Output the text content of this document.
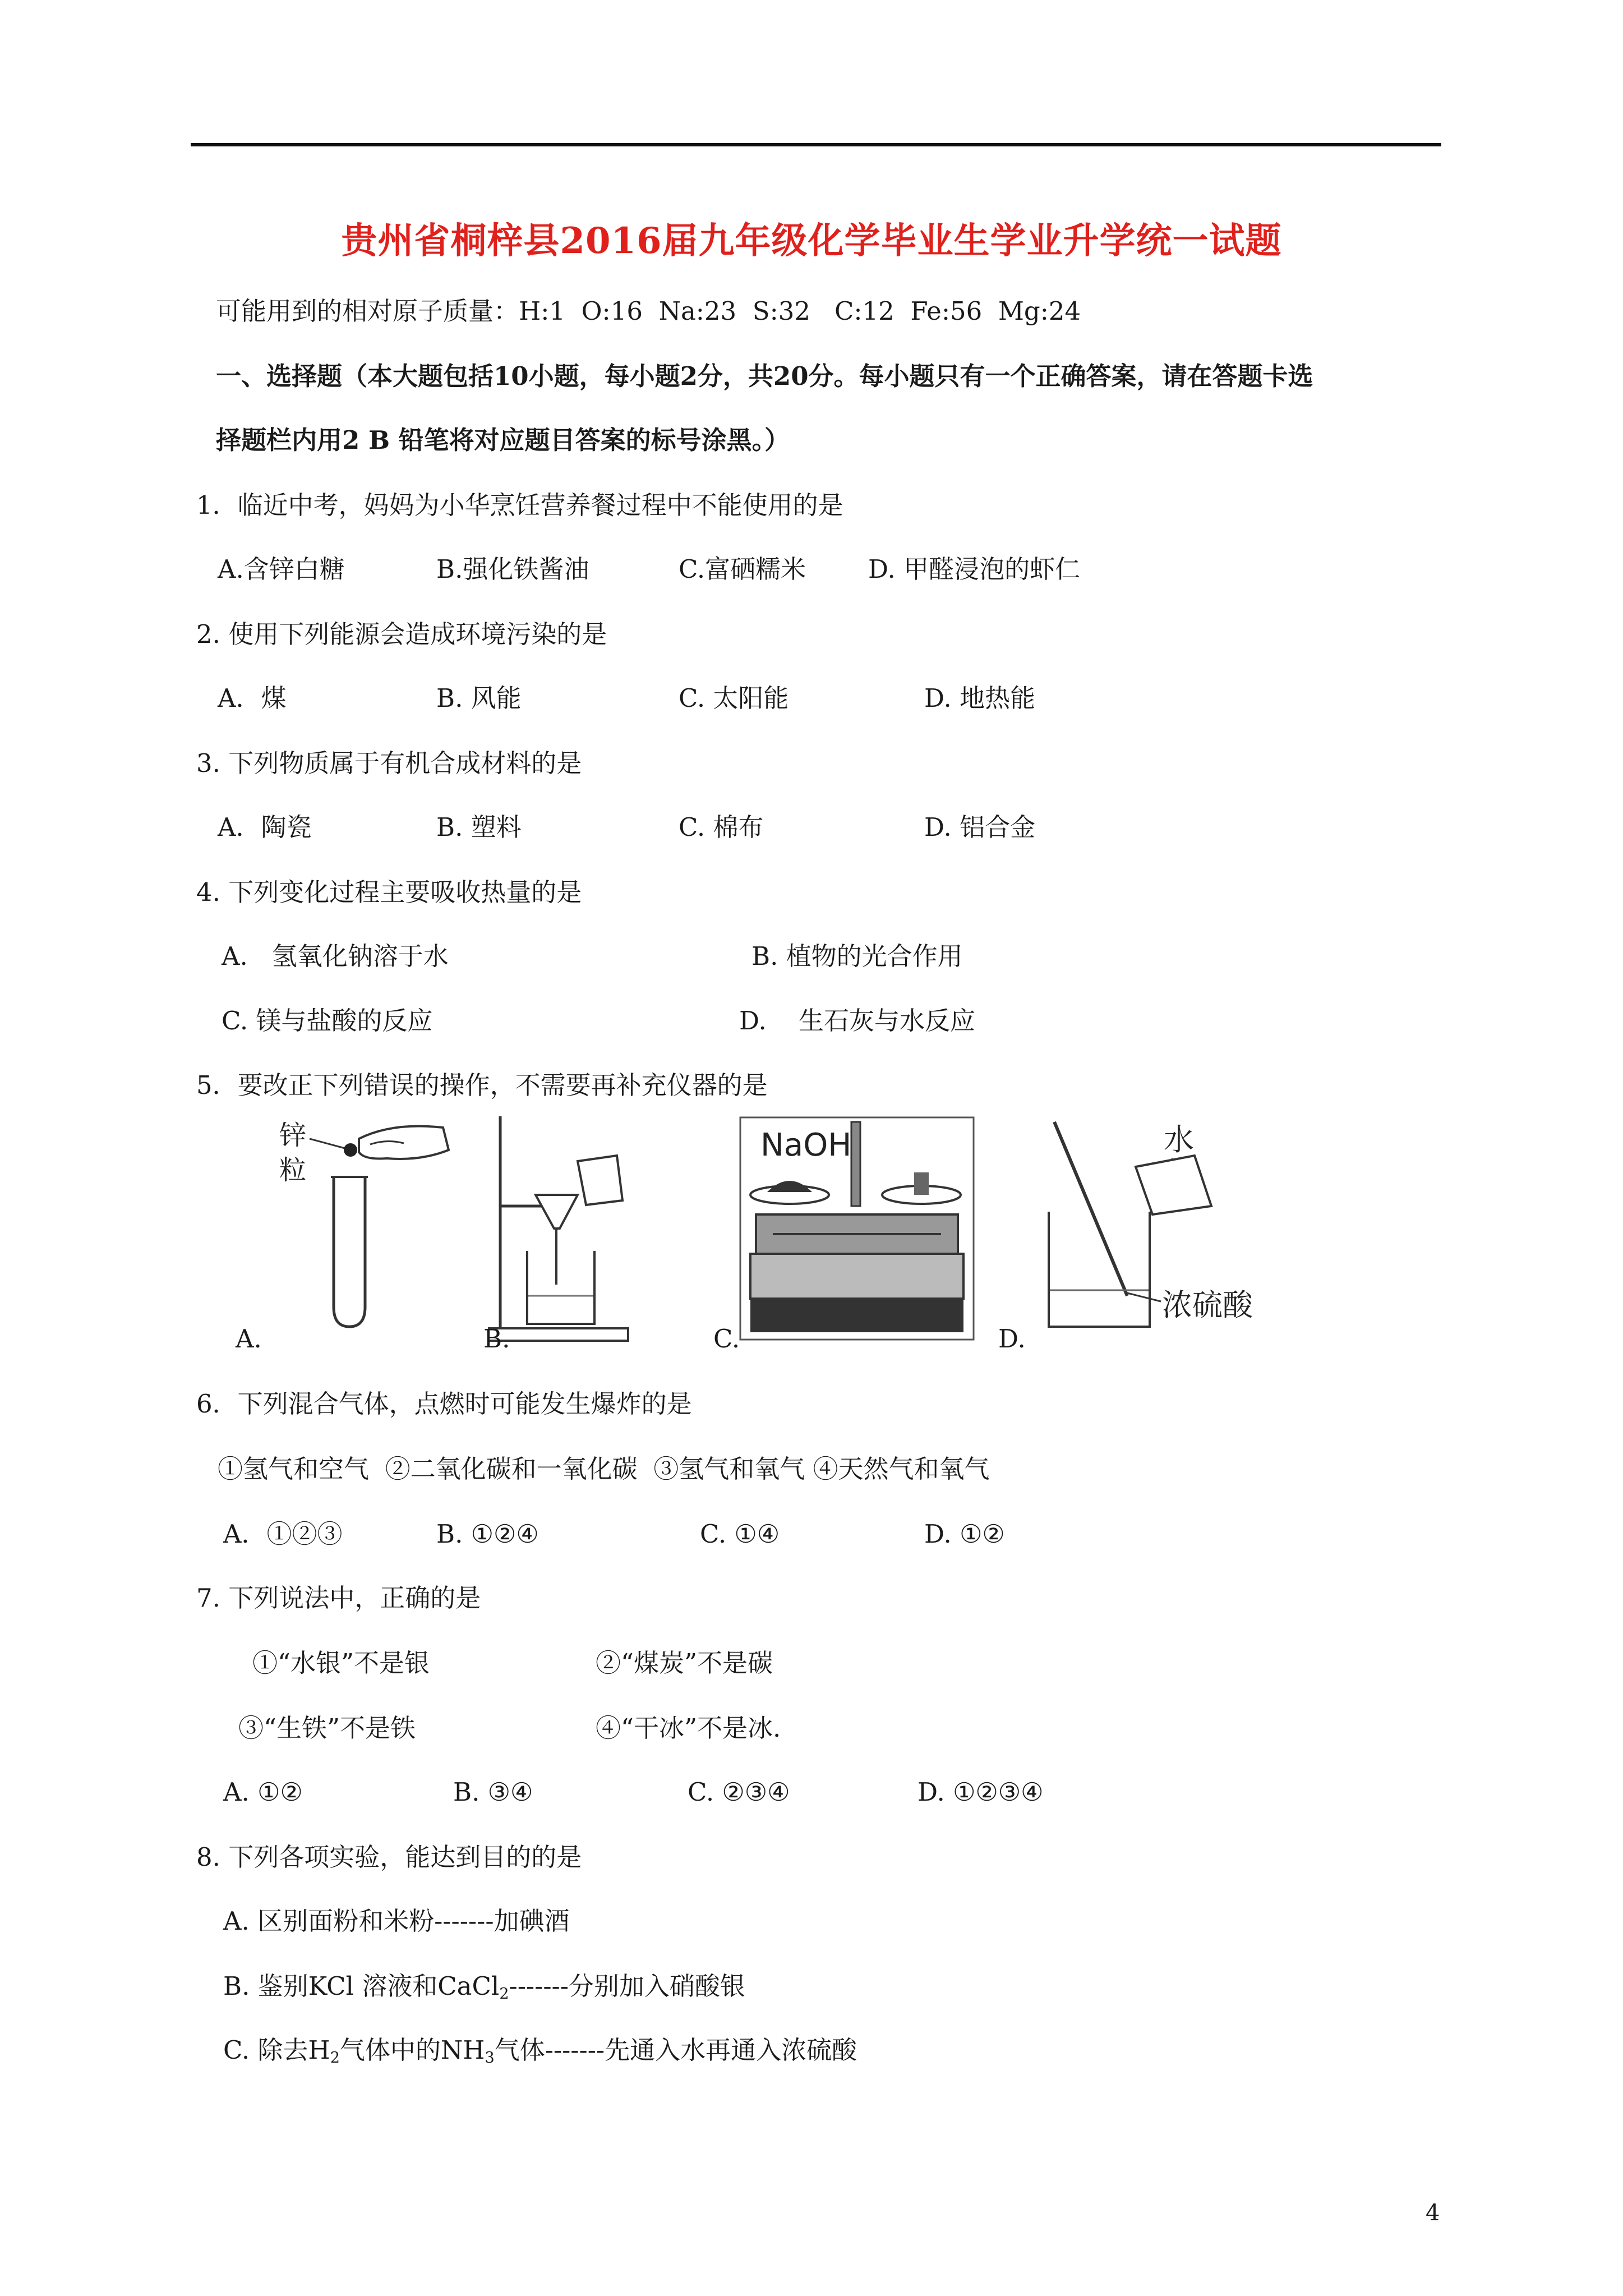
贵州省桐梓县2016届九年级化学毕业生学业升学统一试题
可能用到的相对原子质量：H:1  O:16  Na:23  S:32   C:12  Fe:56  Mg:24
一、选择题（本大题包括10小题，每小题2分，共20分。每小题只有一个正确答案，请在答题卡选
择题栏内用2 B 铅笔将对应题目答案的标号涂黑。）
1．临近中考，妈妈为小华烹饪营养餐过程中不能使用的是
A.含锌白糖	B.强化铁酱油	C.富硒糯米 D. 甲醛浸泡的虾仁
2. 使用下列能源会造成环境污染的是
A．煤	B. 风能	C. 太阳能	D. 地热能
3. 下列物质属于有机合成材料的是
A．陶瓷	B. 塑料	C. 棉布	D. 铝合金
4. 下列变化过程主要吸收热量的是
A.   氢氧化钠溶于水	B. 植物的光合作用
C. 镁与盐酸的反应	D.    生石灰与水反应
5．要改正下列错误的操作，不需要再补充仪器的是
锌
粒
A.	B.
NaOH
C.
水
浓硫酸
D.
6．下列混合气体，点燃时可能发生爆炸的是
①氢气和空气  ②二氧化碳和一氧化碳  ③氢气和氧气 ④天然气和氧气
A．①②③	B. ①②④	C. ①④	D. ①②
7. 下列说法中，正确的是
①“水银”不是银	②“煤炭”不是碳
③“生铁”不是铁	④“干冰”不是冰.
A. ①②	B. ③④	C. ②③④	D. ①②③④
8. 下列各项实验，能达到目的的是
A. 区别面粉和米粉-------加碘酒
B. 鉴别KCl 溶液和CaCl$_2$-------分别加入硝酸银
C. 除去$H_2$气体中的$NH_3$气体-------先通入水再通入浓硫酸
4
